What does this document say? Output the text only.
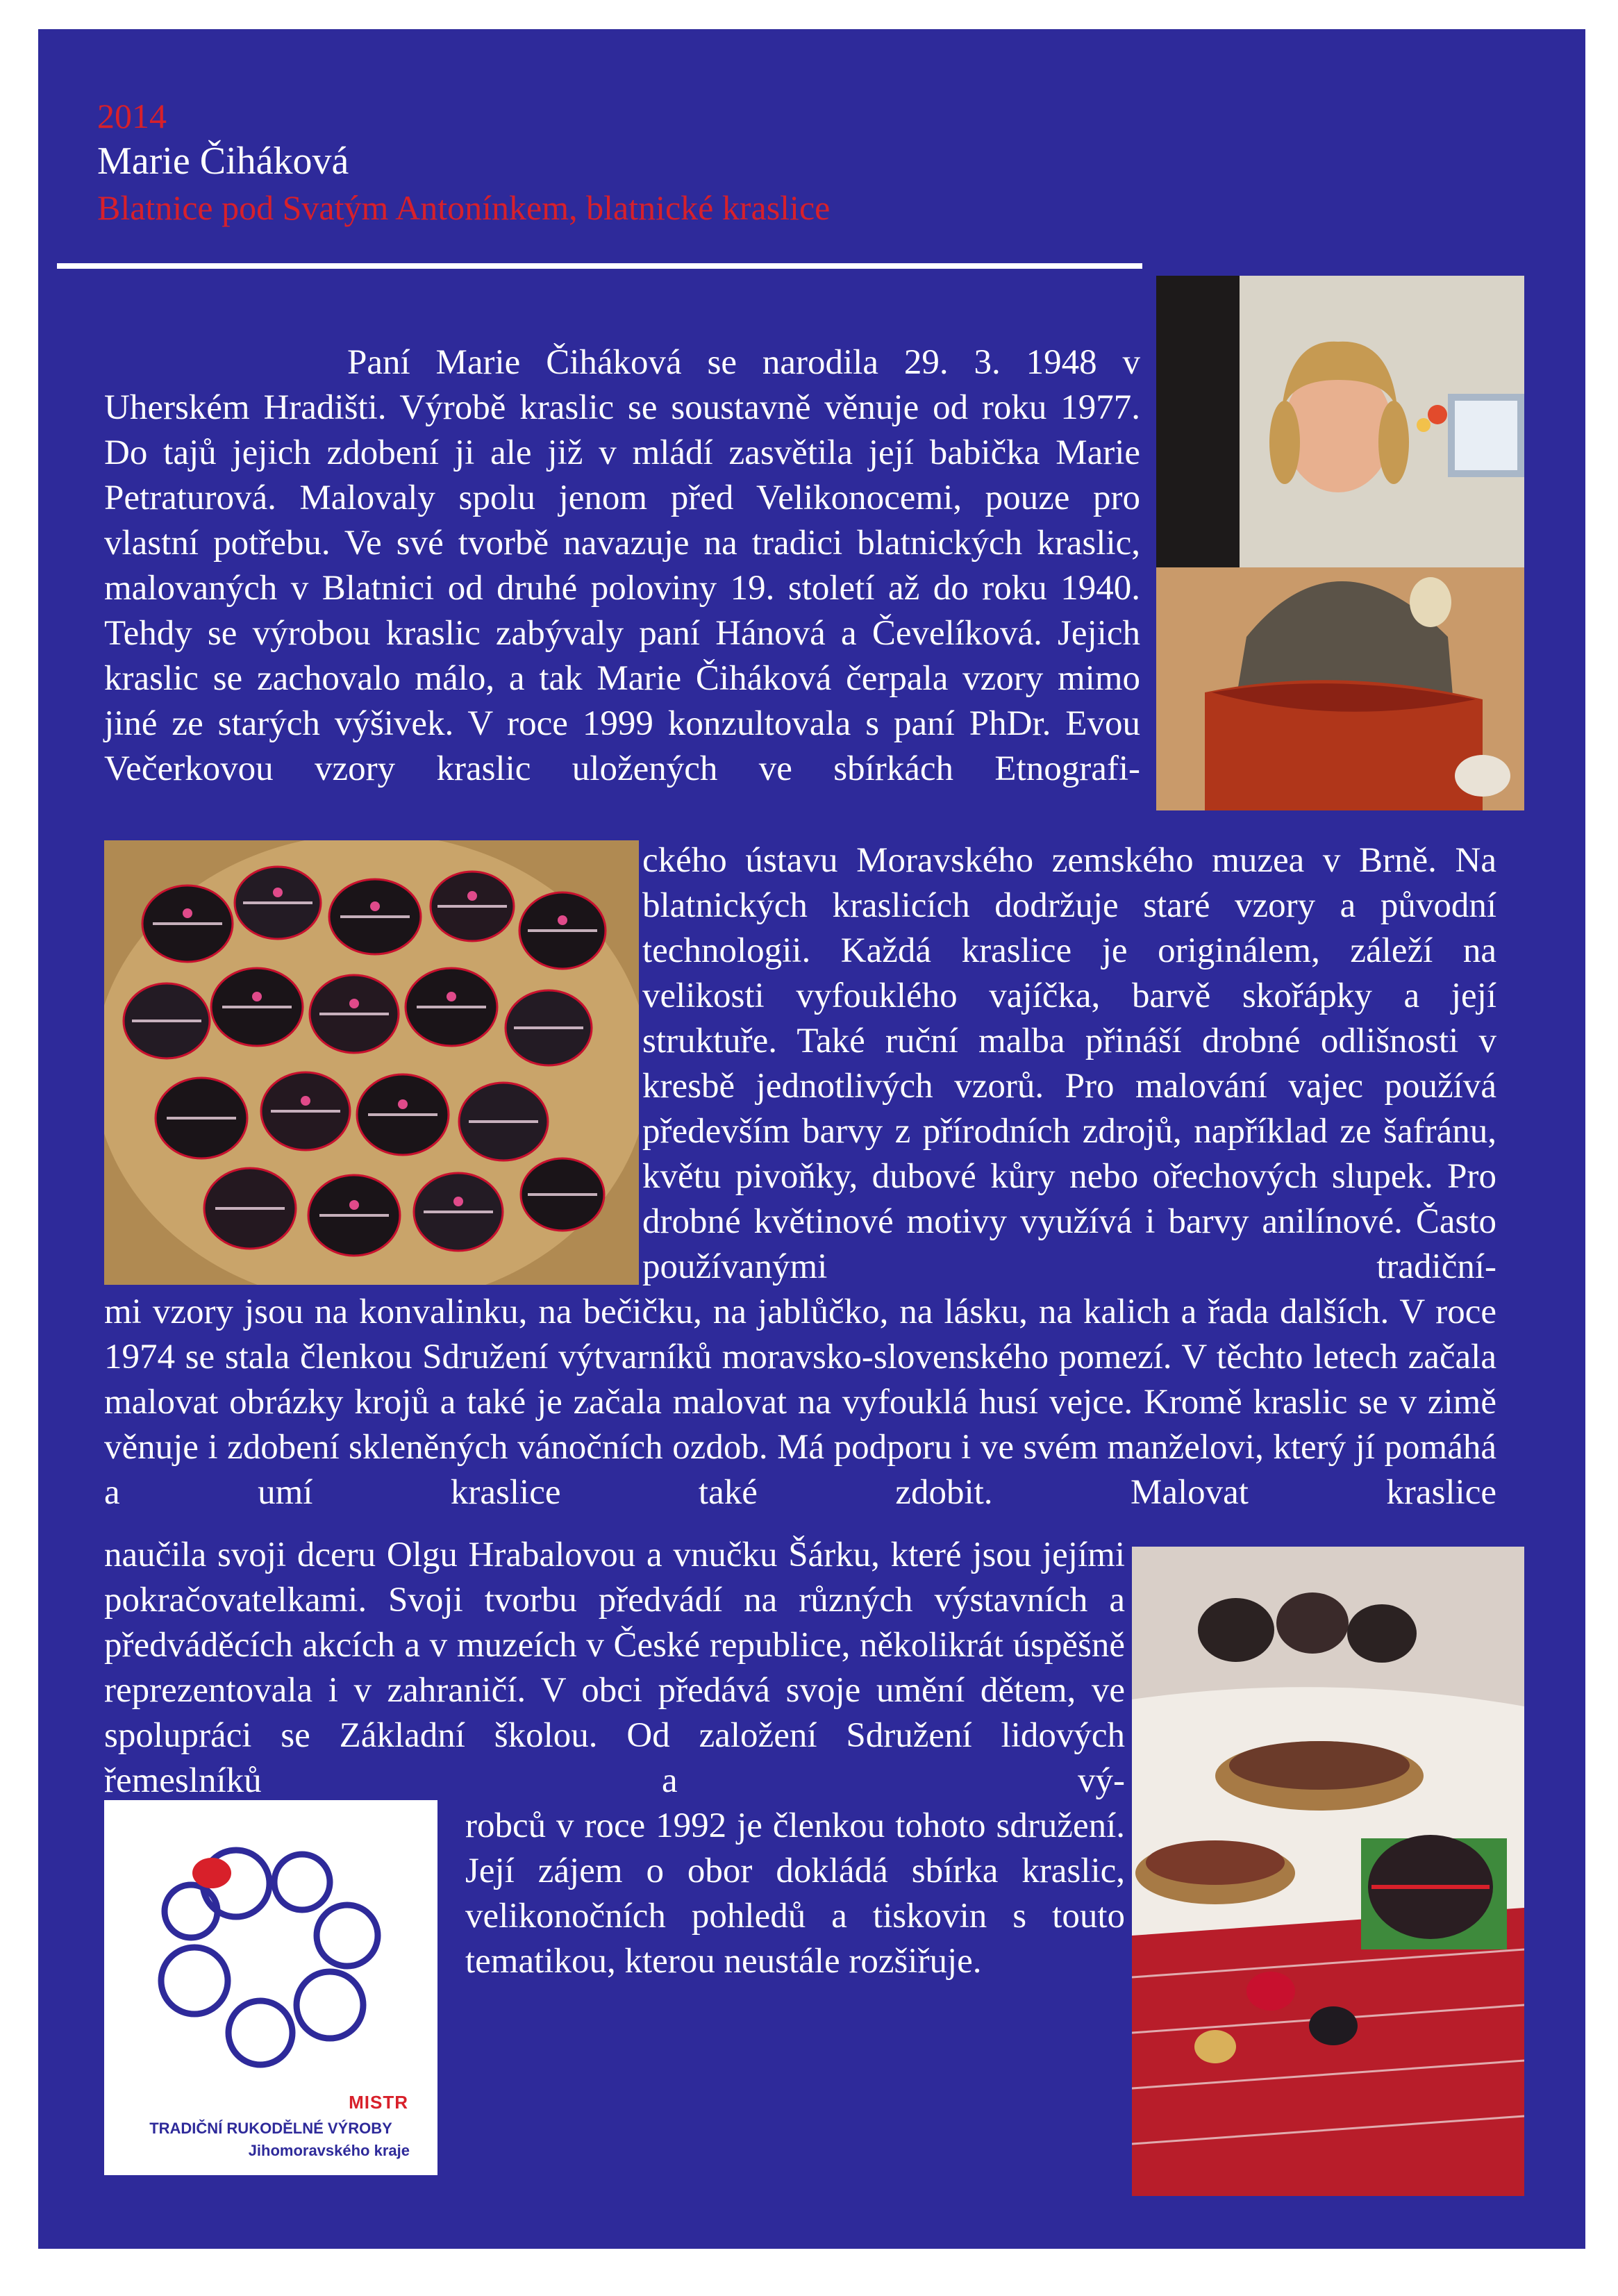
2014
Marie Čiháková
Blatnice pod Svatým Antonínkem, blatnické kraslice

Paní Marie Čiháková se narodila 29. 3. 1948 v Uherském Hradišti. Výrobě kraslic se soustavně věnuje od roku 1977. Do tajů jejich zdobení ji ale již v mládí zasvětila její babička Marie Petraturová. Malovaly spolu jenom před Velikonocemi, pouze pro vlastní potřebu. Ve své tvorbě navazuje na tradici blatnických kraslic, malovaných v Blatnici od druhé poloviny 19. století až do roku 1940. Tehdy se výrobou kraslic zabývaly paní Hánová a Čevelíková. Jejich kraslic se zachovalo málo, a tak Marie Čiháková čerpala vzory mimo jiné ze starých výšivek. V roce 1999 konzultovala s paní PhDr. Evou Večerkovou vzory kraslic uložených ve sbírkách Etnografi-

ckého ústavu Moravského zemského muzea v Brně. Na blatnických kraslicích dodržuje staré vzory a původní technologii. Každá kraslice je originálem, záleží na velikosti vyfouklého vajíčka, barvě skořápky a její struktuře. Také ruční malba přináší drobné odlišnosti v kresbě jednotlivých vzorů. Pro malování vajec používá především barvy z přírodních zdrojů, například ze šafránu, květu pivoňky, dubové kůry nebo ořechových slupek. Pro drobné květinové motivy využívá i barvy anilínové. Často používanými tradiční-

mi vzory jsou na konvalinku, na bečičku, na jablůčko, na lásku, na kalich a řada dalších. V roce 1974 se stala členkou Sdružení výtvarníků moravsko-slovenského pomezí. V těchto letech začala malovat obrázky krojů a také je začala malovat na vyfouklá husí vejce. Kromě kraslic se v zimě věnuje i zdobení skleněných vánočních ozdob. Má podporu i ve svém manželovi, který jí pomáhá a umí kraslice také zdobit. Malovat kraslice

naučila svoji dceru Olgu Hrabalovou a vnučku Šárku, které jsou jejími pokračovatelkami. Svoji tvorbu předvádí na různých výstavních a předváděcích akcích a v muzeích v České republice, několikrát úspěšně reprezentovala i v zahraničí. V obci předává svoje umění dětem, ve spolupráci se Základní školou. Od založení Sdružení lidových řemeslníků a vý-

robců v roce 1992 je členkou tohoto sdružení. Její zájem o obor dokládá sbírka kraslic, velikonočních pohledů a tiskovin s touto tematikou, kterou neustále rozšiřuje.

MISTR
TRADIČNÍ RUKODĚLNÉ VÝROBY
Jihomoravského kraje
